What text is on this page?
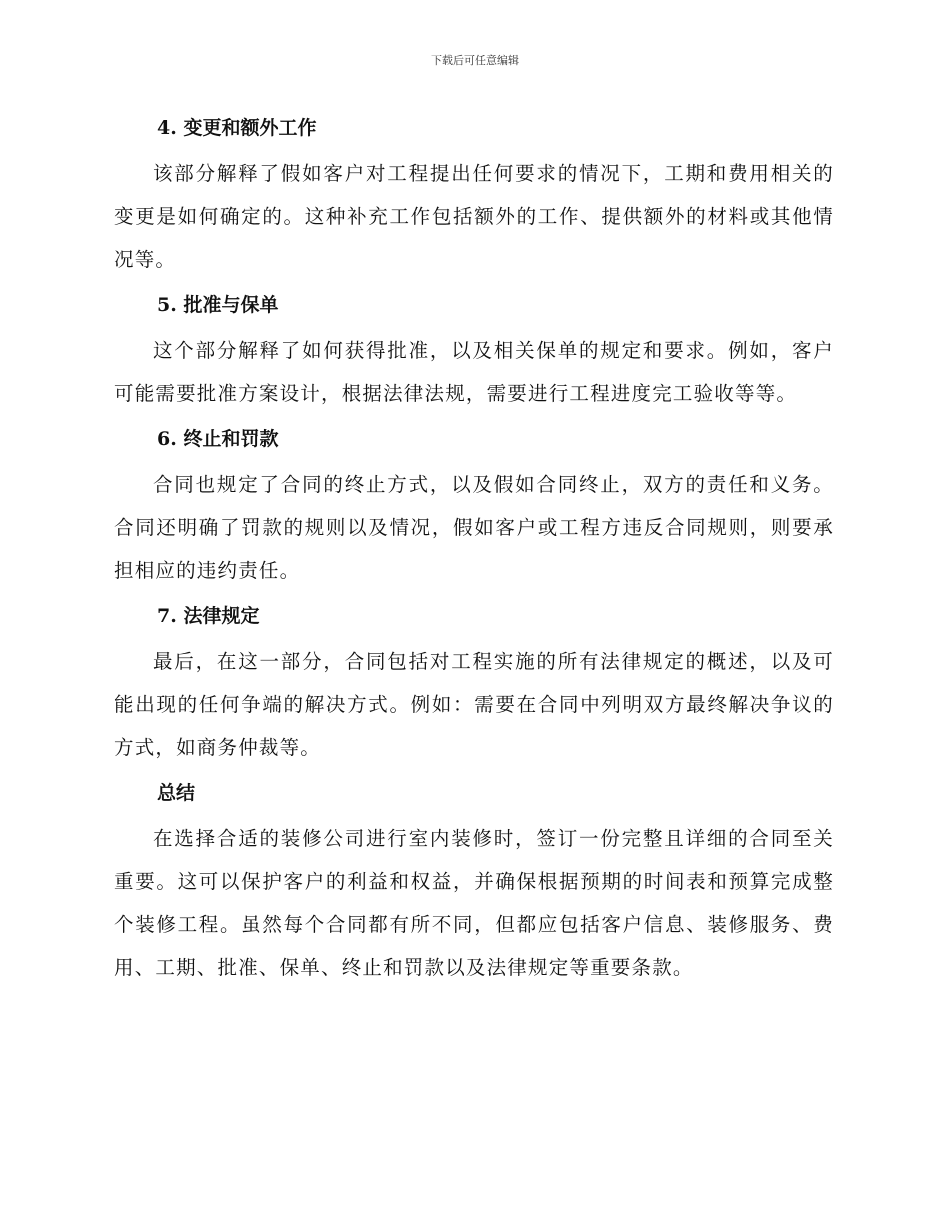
下载后可任意编辑
4. 变更和额外工作
该部分解释了假如客户对工程提出任何要求的情况下，工期和费用相关的变更是如何确定的。这种补充工作包括额外的工作、提供额外的材料或其他情况等。
5. 批准与保单
这个部分解释了如何获得批准，以及相关保单的规定和要求。例如，客户可能需要批准方案设计，根据法律法规，需要进行工程进度完工验收等等。
6. 终止和罚款
合同也规定了合同的终止方式，以及假如合同终止，双方的责任和义务。合同还明确了罚款的规则以及情况，假如客户或工程方违反合同规则，则要承担相应的违约责任。
7. 法律规定
最后，在这一部分，合同包括对工程实施的所有法律规定的概述，以及可能出现的任何争端的解决方式。例如：需要在合同中列明双方最终解决争议的方式，如商务仲裁等。
总结
在选择合适的装修公司进行室内装修时，签订一份完整且详细的合同至关重要。这可以保护客户的利益和权益，并确保根据预期的时间表和预算完成整个装修工程。虽然每个合同都有所不同，但都应包括客户信息、装修服务、费用、工期、批准、保单、终止和罚款以及法律规定等重要条款。
